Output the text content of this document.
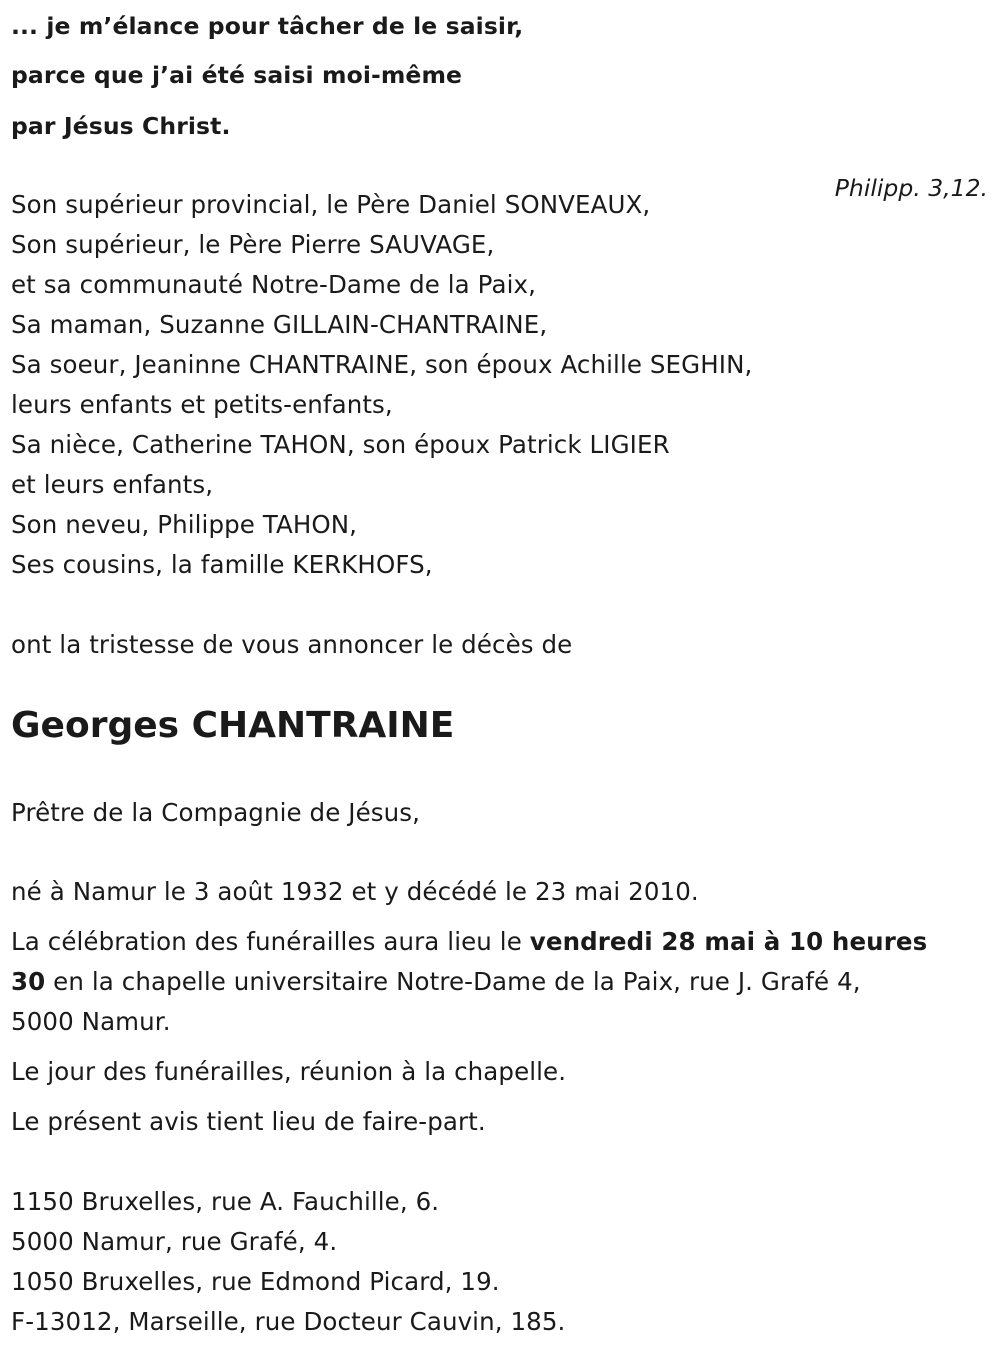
... je m’élance pour tâcher de le saisir,
parce que j’ai été saisi moi-même
par Jésus Christ.
Philipp. 3,12.
Son supérieur provincial, le Père Daniel SONVEAUX,
Son supérieur, le Père Pierre SAUVAGE,
et sa communauté Notre-Dame de la Paix,
Sa maman, Suzanne GILLAIN-CHANTRAINE,
Sa soeur, Jeaninne CHANTRAINE, son époux Achille SEGHIN,
leurs enfants et petits-enfants,
Sa nièce, Catherine TAHON, son époux Patrick LIGIER
et leurs enfants,
Son neveu, Philippe TAHON,
Ses cousins, la famille KERKHOFS,
ont la tristesse de vous annoncer le décès de
Georges CHANTRAINE
Prêtre de la Compagnie de Jésus,
né à Namur le 3 août 1932 et y décédé le 23 mai 2010.
La célébration des funérailles aura lieu le vendredi 28 mai à 10 heures
30 en la chapelle universitaire Notre-Dame de la Paix, rue J. Grafé 4,
5000 Namur.
Le jour des funérailles, réunion à la chapelle.
Le présent avis tient lieu de faire-part.
1150 Bruxelles, rue A. Fauchille, 6.
5000 Namur, rue Grafé, 4.
1050 Bruxelles, rue Edmond Picard, 19.
F-13012, Marseille, rue Docteur Cauvin, 185.
